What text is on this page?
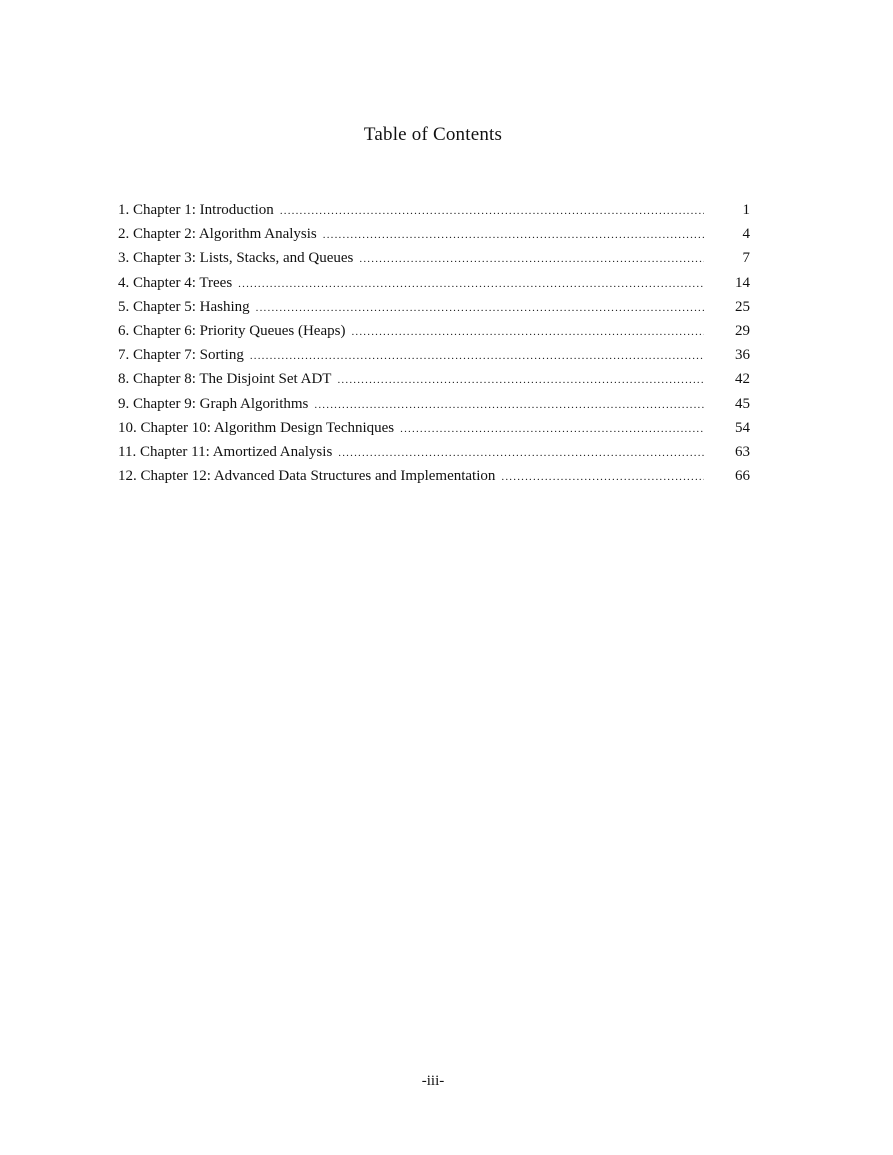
Table of Contents
1. Chapter 1: Introduction .....	1
2. Chapter 2: Algorithm Analysis .....	4
3. Chapter 3: Lists, Stacks, and Queues .....	7
4. Chapter 4: Trees .....	14
5. Chapter 5: Hashing .....	25
6. Chapter 6: Priority Queues (Heaps) .....	29
7. Chapter 7: Sorting .....	36
8. Chapter 8: The Disjoint Set ADT .....	42
9. Chapter 9: Graph Algorithms .....	45
10. Chapter 10: Algorithm Design Techniques .....	54
11. Chapter 11: Amortized Analysis .....	63
12. Chapter 12: Advanced Data Structures and Implementation .....	66
-iii-
